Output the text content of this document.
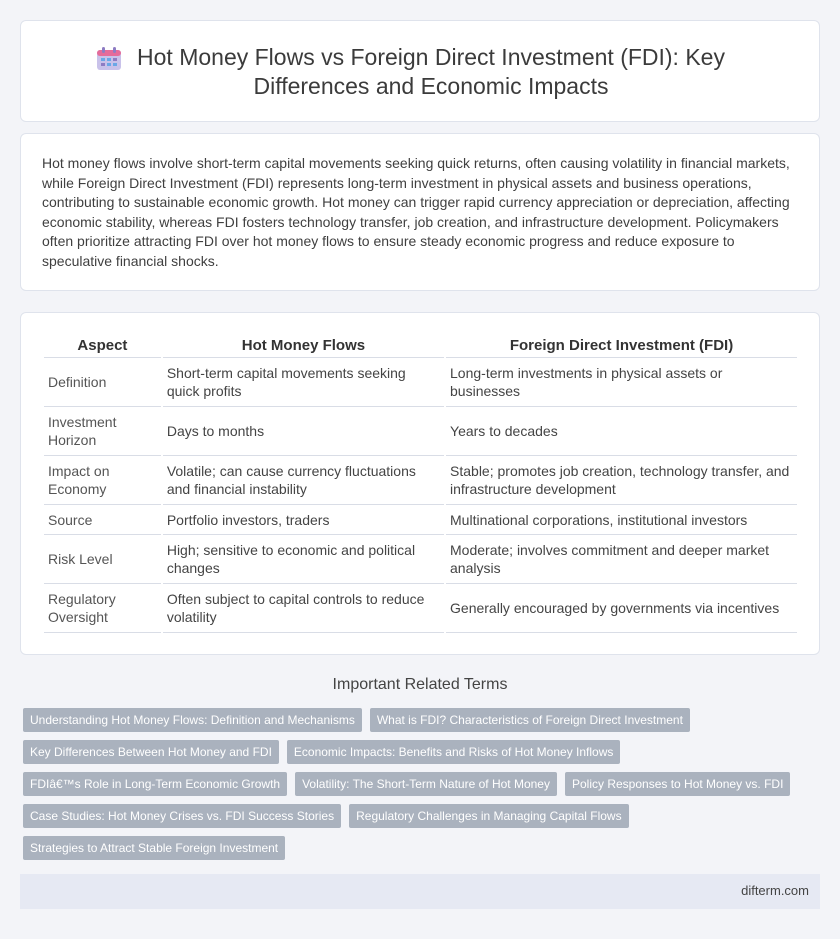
Hot Money Flows vs Foreign Direct Investment (FDI): Key Differences and Economic Impacts

Hot money flows involve short-term capital movements seeking quick returns, often causing volatility in financial markets, while Foreign Direct Investment (FDI) represents long-term investment in physical assets and business operations, contributing to sustainable economic growth. Hot money can trigger rapid currency appreciation or depreciation, affecting economic stability, whereas FDI fosters technology transfer, job creation, and infrastructure development. Policymakers often prioritize attracting FDI over hot money flows to ensure steady economic progress and reduce exposure to speculative financial shocks.

Aspect	Hot Money Flows	Foreign Direct Investment (FDI)
Definition	Short-term capital movements seeking quick profits	Long-term investments in physical assets or businesses
Investment Horizon	Days to months	Years to decades
Impact on Economy	Volatile; can cause currency fluctuations and financial instability	Stable; promotes job creation, technology transfer, and infrastructure development
Source	Portfolio investors, traders	Multinational corporations, institutional investors
Risk Level	High; sensitive to economic and political changes	Moderate; involves commitment and deeper market analysis
Regulatory Oversight	Often subject to capital controls to reduce volatility	Generally encouraged by governments via incentives
Important Related Terms
Understanding Hot Money Flows: Definition and Mechanisms	What is FDI? Characteristics of Foreign Direct Investment
Key Differences Between Hot Money and FDI	Economic Impacts: Benefits and Risks of Hot Money Inflows
FDIâ€™s Role in Long-Term Economic Growth	Volatility: The Short-Term Nature of Hot Money	Policy Responses to Hot Money vs. FDI
Case Studies: Hot Money Crises vs. FDI Success Stories	Regulatory Challenges in Managing Capital Flows
Strategies to Attract Stable Foreign Investment
difterm.com
